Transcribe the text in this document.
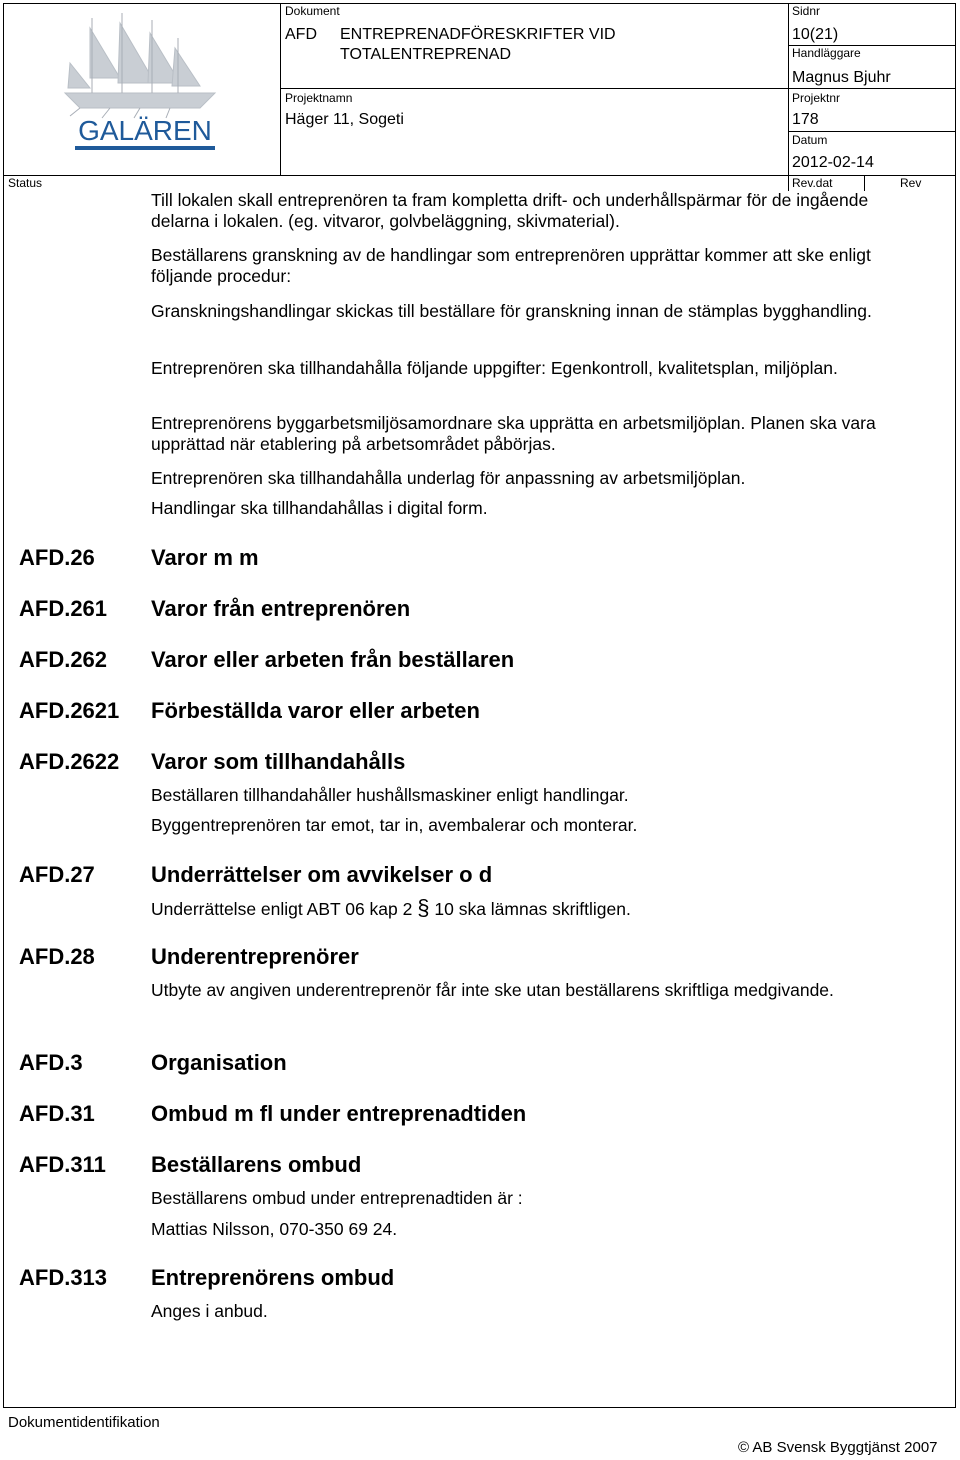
GALÄREN
Dokument
AFD ENTREPRENADFÖRESKRIFTER VID
TOTALENTREPRENAD
Sidnr
10(21)
Handläggare
Magnus Bjuhr
Projektnamn
Häger 11, Sogeti
Projektnr
178
Datum
2012-02-14
Status	Rev.dat	Rev
Till lokalen skall entreprenören ta fram kompletta drift- och underhållspärmar för de ingående delarna i lokalen. (eg. vitvaror, golvbeläggning, skivmaterial).
Beställarens granskning av de handlingar som entreprenören upprättar kommer att ske enligt följande procedur:
Granskningshandlingar skickas till beställare för granskning innan de stämplas bygghandling.
Entreprenören ska tillhandahålla följande uppgifter: Egenkontroll, kvalitetsplan, miljöplan.
Entreprenörens byggarbetsmiljösamordnare ska upprätta en arbetsmiljöplan. Planen ska vara upprättad när etablering på arbetsområdet påbörjas.
Entreprenören ska tillhandahålla underlag för anpassning av arbetsmiljöplan.
Handlingar ska tillhandahållas i digital form.
AFD.26	Varor m m
AFD.261 Varor från entreprenören
AFD.262 Varor eller arbeten från beställaren
AFD.2621 Förbeställda varor eller arbeten
AFD.2622 Varor som tillhandahålls
Beställaren tillhandahåller hushållsmaskiner enligt handlingar.
Byggentreprenören tar emot, tar in, avembalerar och monterar.
AFD.27	Underrättelser om avvikelser o d
Underrättelse enligt ABT 06 kap 2 § 10 ska lämnas skriftligen.
AFD.28	Underentreprenörer
Utbyte av angiven underentreprenör får inte ske utan beställarens skriftliga medgivande.
AFD.3	Organisation
AFD.31	Ombud m fl under entreprenadtiden
AFD.311 Beställarens ombud
Beställarens ombud under entreprenadtiden är :
Mattias Nilsson, 070-350 69 24.
AFD.313 Entreprenörens ombud
Anges i anbud.
Dokumentidentifikation
© AB Svensk Byggtjänst 2007
